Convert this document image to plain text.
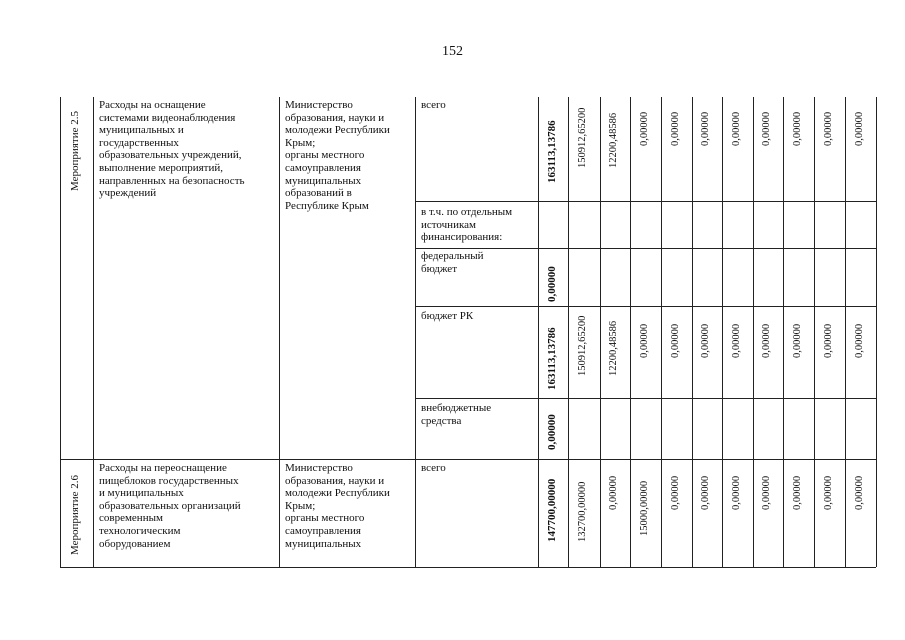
152
Мероприятие 2.5
Расходы на оснащение
системами видеонаблюдения
муниципальных и
государственных
образовательных учреждений,
выполнение мероприятий,
направленных на безопасность
учреждений
Министерство
образования, науки и
молодежи Республики
Крым;
органы местного
самоуправления
муниципальных
образований в
Республике Крым
всего
в т.ч. по отдельным
источникам
финансирования:
федеральный
бюджет
бюджет РК
внебюджетные
средства
163113,13786 150912,65200 12200,48586 0,00000 0,00000 0,00000 0,00000 0,00000 0,00000 0,00000 0,00000
0,00000
163113,13786 150912,65200 12200,48586 0,00000 0,00000 0,00000 0,00000 0,00000 0,00000 0,00000 0,00000
0,00000
Мероприятие 2.6
Расходы на переоснащение
пищеблоков государственных
и муниципальных
образовательных организаций
современным
технологическим
оборудованием
Министерство
образования, науки и
молодежи Республики
Крым;
органы местного
самоуправления
муниципальных
всего
147700,00000 132700,00000 0,00000 15000,00000 0,00000 0,00000 0,00000 0,00000 0,00000 0,00000 0,00000
